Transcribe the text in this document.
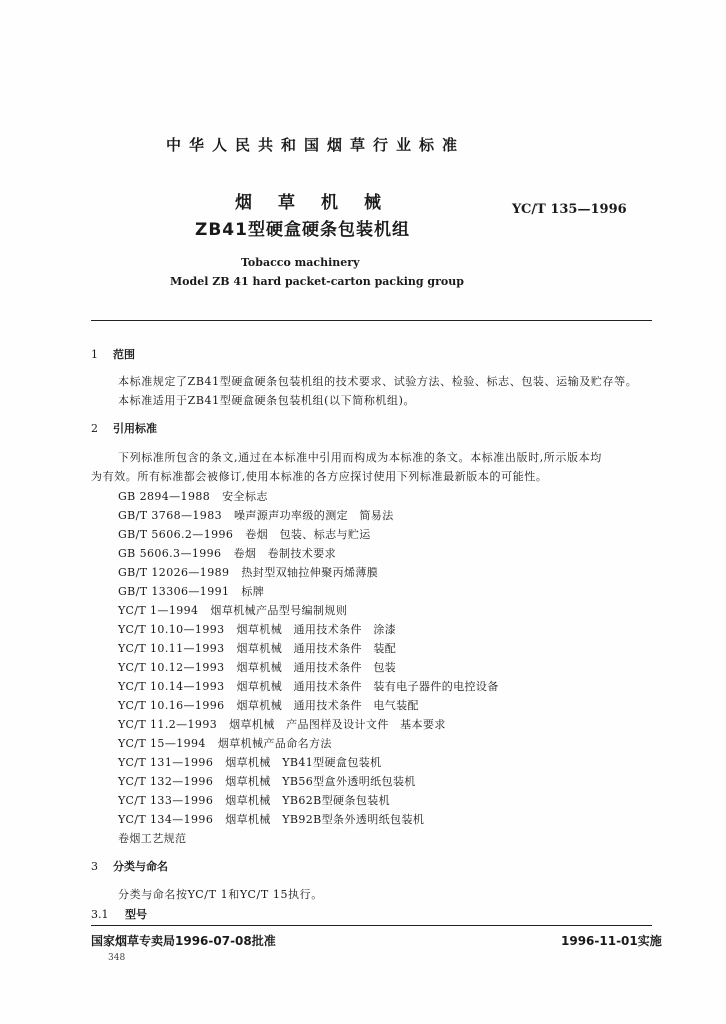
中华人民共和国烟草行业标准
烟草机械	YC/T 135—1996
ZB41型硬盒硬条包装机组
Tobacco machinery
Model ZB 41 hard packet-carton packing group
1 范围
本标准规定了ZB41型硬盒硬条包装机组的技术要求、试验方法、检验、标志、包装、运输及贮存等。
本标准适用于ZB41型硬盒硬条包装机组(以下简称机组)。
2 引用标准
下列标准所包含的条文,通过在本标准中引用而构成为本标准的条文。本标准出版时,所示版本均
为有效。所有标准都会被修订,使用本标准的各方应探讨使用下列标准最新版本的可能性。
GB 2894—1988 安全标志
GB/T 3768—1983 噪声源声功率级的测定　简易法
GB/T 5606.2—1996 卷烟　包装、标志与贮运
GB 5606.3—1996 卷烟　卷制技术要求
GB/T 12026—1989 热封型双轴拉伸聚丙烯薄膜
GB/T 13306—1991 标牌
YC/T 1—1994 烟草机械产品型号编制规则
YC/T 10.10—1993 烟草机械　通用技术条件　涂漆
YC/T 10.11—1993 烟草机械　通用技术条件　装配
YC/T 10.12—1993 烟草机械　通用技术条件　包装
YC/T 10.14—1993 烟草机械　通用技术条件　装有电子器件的电控设备
YC/T 10.16—1996 烟草机械　通用技术条件　电气装配
YC/T 11.2—1993 烟草机械　产品图样及设计文件　基本要求
YC/T 15—1994 烟草机械产品命名方法
YC/T 131—1996 烟草机械　YB41型硬盒包装机
YC/T 132—1996 烟草机械　YB56型盒外透明纸包装机
YC/T 133—1996 烟草机械　YB62B型硬条包装机
YC/T 134—1996 烟草机械　YB92B型条外透明纸包装机
卷烟工艺规范
3 分类与命名
分类与命名按YC/T 1和YC/T 15执行。
3.1 型号
国家烟草专卖局1996-07-08批准	1996-11-01实施
348
